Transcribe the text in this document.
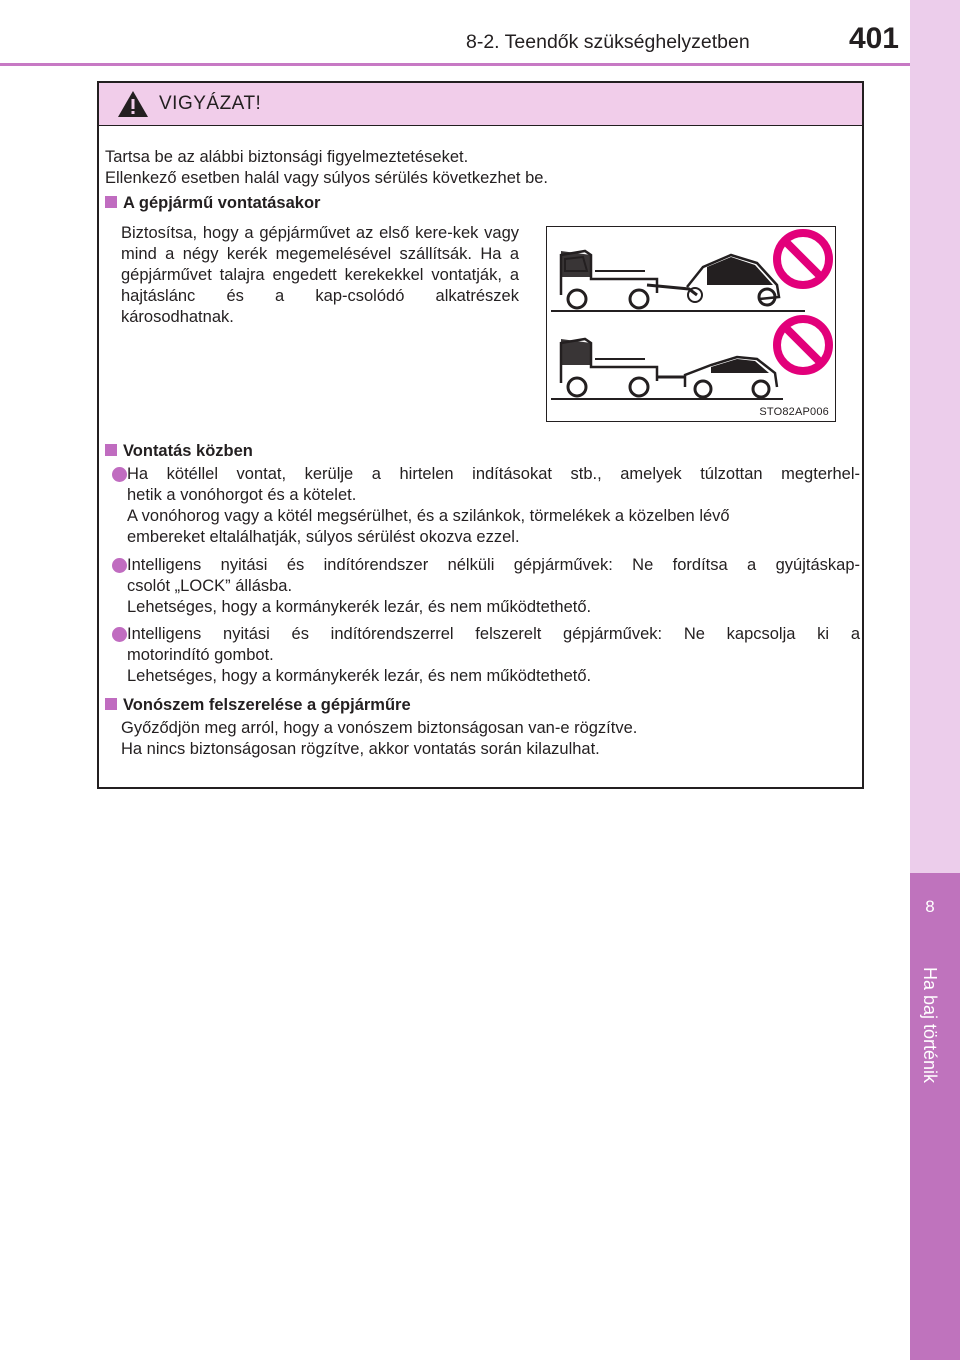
8-2. Teendők szükséghelyzetben	401
8
Ha baj történik
VIGYÁZAT!
Tartsa be az alábbi biztonsági figyelmeztetéseket.
Ellenkező esetben halál vagy súlyos sérülés következhet be.
A gépjármű vontatásakor
Biztosítsa, hogy a gépjárművet az első kere-kek vagy mind a négy kerék megemelésével szállítsák. Ha a gépjárművet talajra engedett kerekekkel vontatják, a hajtáslánc és a kap-csolódó alkatrészek károsodhatnak.
STO82AP006
Vontatás közben
Ha kötéllel vontat, kerülje a hirtelen indításokat stb., amelyek túlzottan megterhel-
hetik a vonóhorgot és a kötelet.
A vonóhorog vagy a kötél megsérülhet, és a szilánkok, törmelékek a közelben lévő
embereket eltalálhatják, súlyos sérülést okozva ezzel.
Intelligens nyitási és indítórendszer nélküli gépjárművek: Ne fordítsa a gyújtáskap-
csolót „LOCK” állásba.
Lehetséges, hogy a kormánykerék lezár, és nem működtethető.
Intelligens nyitási és indítórendszerrel felszerelt gépjárművek: Ne kapcsolja ki a
motorindító gombot.
Lehetséges, hogy a kormánykerék lezár, és nem működtethető.
Vonószem felszerelése a gépjárműre
Győződjön meg arról, hogy a vonószem biztonságosan van-e rögzítve.
Ha nincs biztonságosan rögzítve, akkor vontatás során kilazulhat.
